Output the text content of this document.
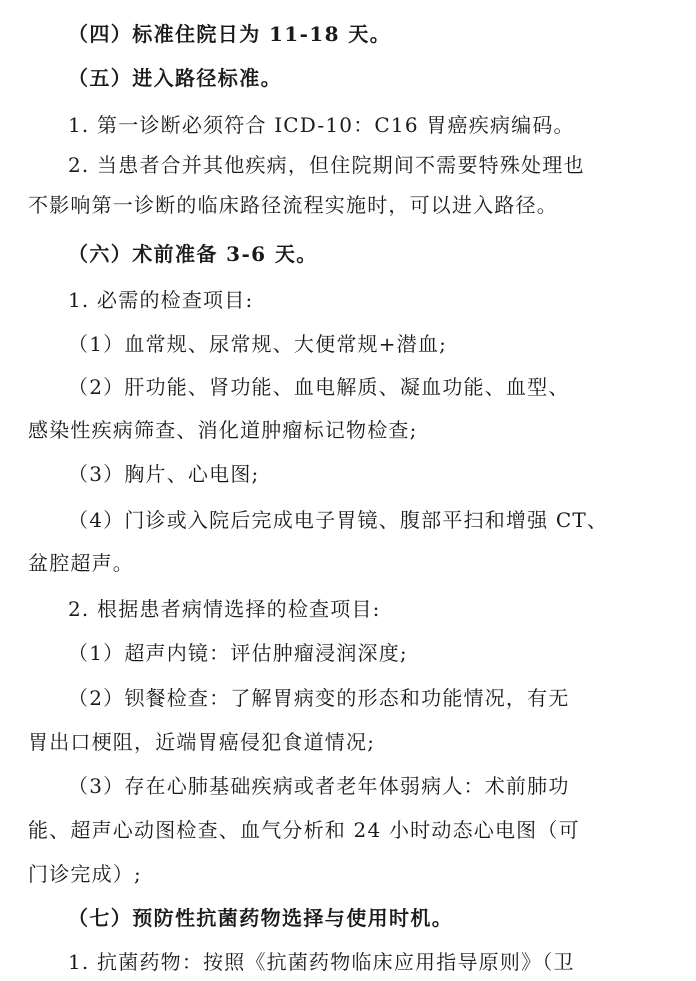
（四）标准住院日为 11-18 天。
（五）进入路径标准。
1. 第一诊断必须符合 ICD-10：C16 胃癌疾病编码。
2. 当患者合并其他疾病，但住院期间不需要特殊处理也
不影响第一诊断的临床路径流程实施时，可以进入路径。
（六）术前准备 3-6 天。
1. 必需的检查项目:
（1）血常规、尿常规、大便常规+潜血;
（2）肝功能、肾功能、血电解质、凝血功能、血型、
感染性疾病筛查、消化道肿瘤标记物检查;
（3）胸片、心电图;
（4）门诊或入院后完成电子胃镜、腹部平扫和增强 CT、
盆腔超声。
2. 根据患者病情选择的检查项目:
（1）超声内镜：评估肿瘤浸润深度;
（2）钡餐检查：了解胃病变的形态和功能情况，有无
胃出口梗阻，近端胃癌侵犯食道情况;
（3）存在心肺基础疾病或者老年体弱病人：术前肺功
能、超声心动图检查、血气分析和 24 小时动态心电图（可
门诊完成）;
（七）预防性抗菌药物选择与使用时机。
1. 抗菌药物：按照《抗菌药物临床应用指导原则》（卫
